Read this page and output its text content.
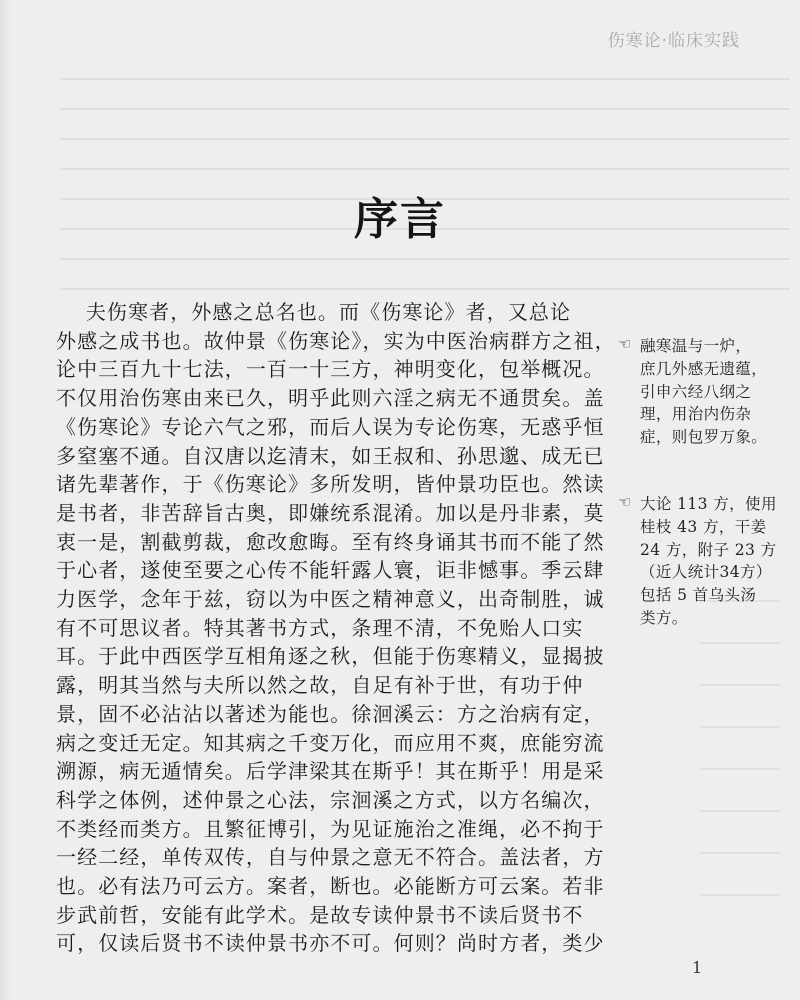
伤寒论·临床实践
序言
夫伤寒者，外感之总名也。而《伤寒论》者，又总论
外感之成书也。故仲景《伤寒论》，实为中医治病群方之祖，
论中三百九十七法，一百一十三方，神明变化，包举概况。
不仅用治伤寒由来已久，明乎此则六淫之病无不通贯矣。盖
《伤寒论》专论六气之邪，而后人误为专论伤寒，无惑乎恒
多窒塞不通。自汉唐以迄清末，如王叔和、孙思邈、成无已
诸先辈著作，于《伤寒论》多所发明，皆仲景功臣也。然读
是书者，非苦辞旨古奥，即嫌统系混淆。加以是丹非素，莫
衷一是，割截剪裁，愈改愈晦。至有终身诵其书而不能了然
于心者，遂使至要之心传不能轩露人寰，讵非憾事。季云肆
力医学，念年于兹，窃以为中医之精神意义，出奇制胜，诚
有不可思议者。特其著书方式，条理不清，不免贻人口实
耳。于此中西医学互相角逐之秋，但能于伤寒精义，显揭披
露，明其当然与夫所以然之故，自足有补于世，有功于仲
景，固不必沾沾以著述为能也。徐洄溪云：方之治病有定，
病之变迁无定。知其病之千变万化，而应用不爽，庶能穷流
溯源，病无遁情矣。后学津梁其在斯乎！其在斯乎！用是采
科学之体例，述仲景之心法，宗洄溪之方式，以方名编次，
不类经而类方。且繁征博引，为见证施治之准绳，必不拘于
一经二经，单传双传，自与仲景之意无不符合。盖法者，方
也。必有法乃可云方。案者，断也。必能断方可云案。若非
步武前哲，安能有此学术。是故专读仲景书不读后贤书不
可，仅读后贤书不读仲景书亦不可。何则？尚时方者，类少
☜ 融寒温与一炉，
庶几外感无遗蕴，
引申六经八纲之
理，用治内伤杂
症，则包罗万象。
☜ 大论 113 方，使用
桂枝 43 方，干姜
24 方，附子 23 方
（近人统计34方）
包括 5 首乌头汤
类方。
1
